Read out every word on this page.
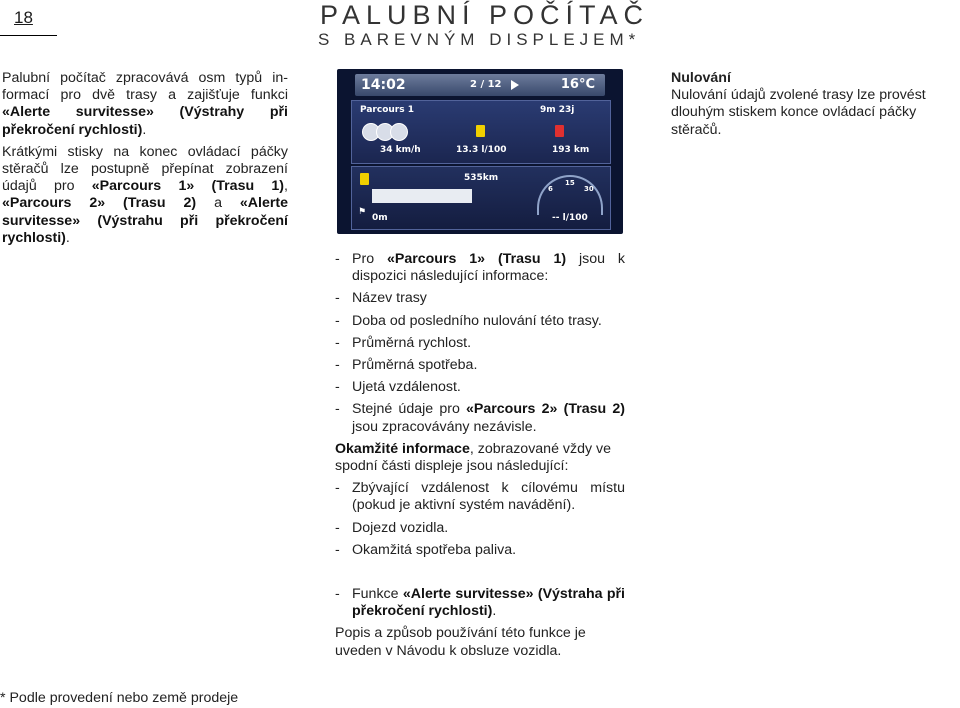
18	PALUBNÍ POČÍTAČ
S BAREVNÝM DISPLEJEM*

Palubní počítač zpracovává osm typů informací pro dvě trasy a zajišťuje funkci «Alerte survitesse» (Výstrahy při překročení rychlosti).

Krátkými stisky na konec ovládací páčky stěračů lze postupně přepínat zobrazení údajů pro «Parcours 1» (Trasu 1), «Parcours 2» (Trasu 2) a «Alerte survitesse» (Výstrahu při překročení rychlosti).

14:02	2 / 12	16°C
Parcours 1	9m 23j
34 km/h	13.3 l/100	193 km
535km
⚑
0m
6
15
30
-- l/100
Nulování

Nulování údajů zvolené trasy lze provést dlouhým stiskem konce ovládací páčky stěračů.

- Pro «Parcours 1» (Trasu 1) jsou k dispozici následující informace:
- Název trasy
- Doba od posledního nulování této trasy.
- Průměrná rychlost.
- Průměrná spotřeba.
- Ujetá vzdálenost.
- Stejné údaje pro «Parcours 2» (Trasu 2) jsou zpracovávány nezávisle.

Okamžité informace, zobrazované vždy ve spodní části displeje jsou následující:

- Zbývající vzdálenost k cílovému místu (pokud je aktivní systém navádění).
- Dojezd vozidla.
- Okamžitá spotřeba paliva.
- Funkce «Alerte survitesse» (Výstraha při překročení rychlosti).

Popis a způsob používání této funkce je uveden v Návodu k obsluze vozidla.

* Podle provedení nebo země prodeje
